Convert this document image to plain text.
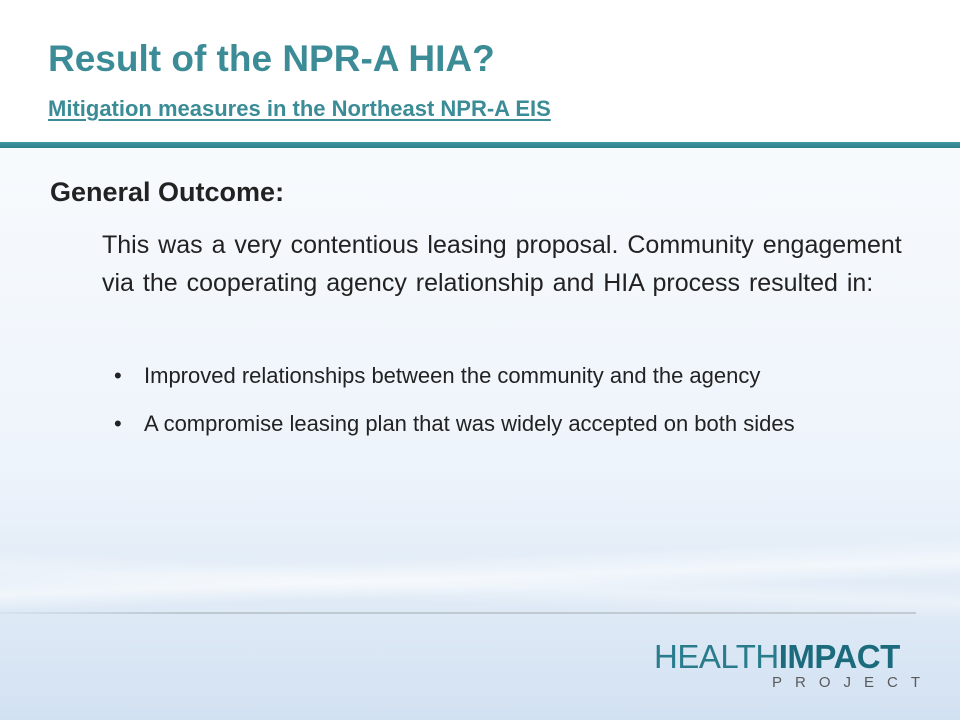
Result of the NPR-A HIA?
Mitigation measures in the Northeast NPR-A EIS
General Outcome:

This was a very contentious leasing proposal. Community engagement via the cooperating agency relationship and HIA process resulted in:

• Improved relationships between the community and the agency
• A compromise leasing plan that was widely accepted on both sides
HEALTHIMPACT
PROJECT
